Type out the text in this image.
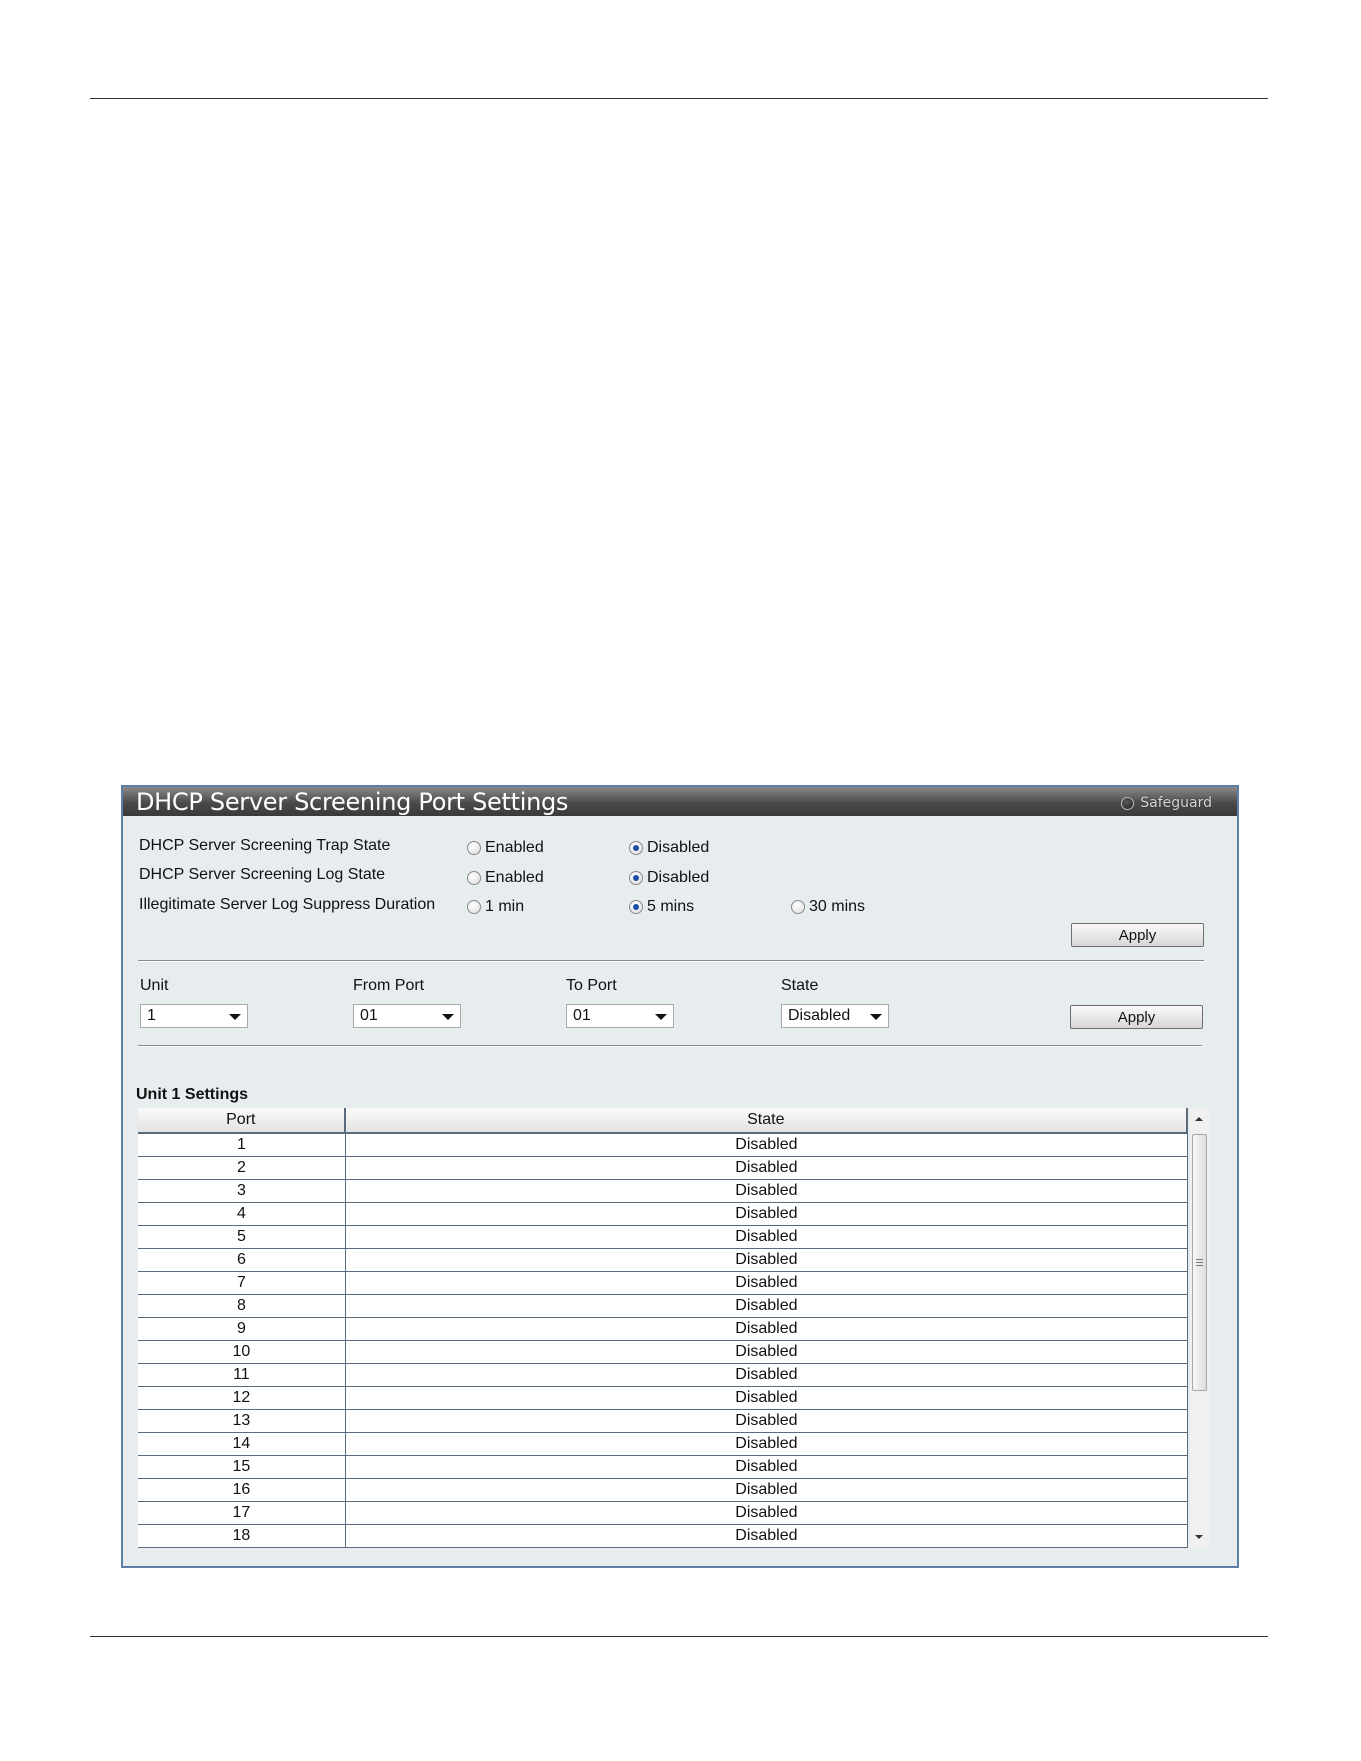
DHCP Server Screening Port Settings	Safeguard
DHCP Server Screening Trap State	Enabled	Disabled
DHCP Server Screening Log State	Enabled	Disabled
Illegitimate Server Log Suppress Duration	1 min	5 mins	30 mins
Apply
Unit
1
From Port
01
To Port
01
State
Disabled	Apply
Unit 1 Settings
Port	State
1	Disabled
2	Disabled
3	Disabled
4	Disabled
5	Disabled
6	Disabled
7	Disabled
8	Disabled
9	Disabled
10	Disabled
11	Disabled
12	Disabled
13	Disabled
14	Disabled
15	Disabled
16	Disabled
17	Disabled
18	Disabled
